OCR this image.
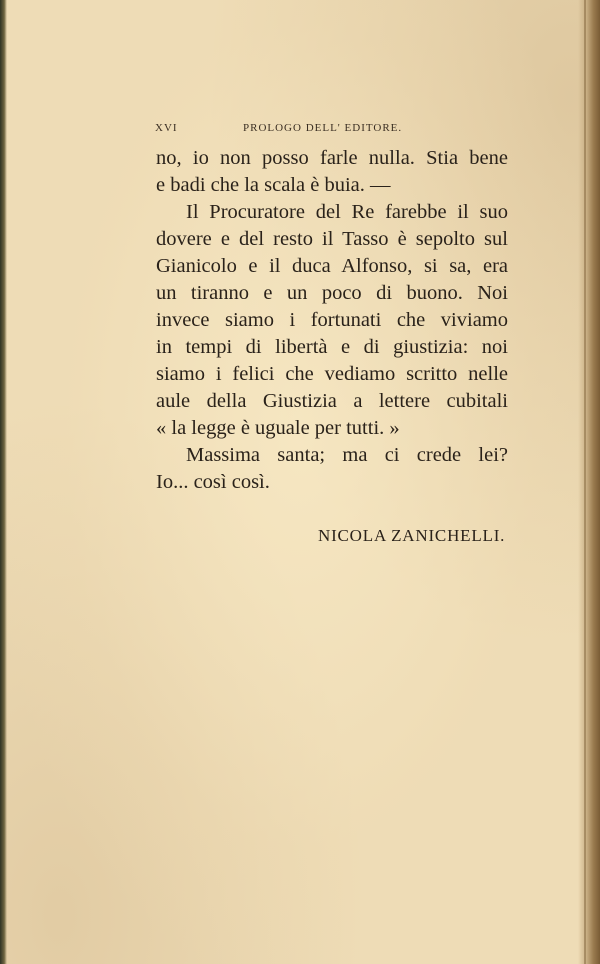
XVI	PROLOGO DELL' EDITORE.
no, io non posso farle nulla. Stia bene
e badi che la scala è buia. —
Il Procuratore del Re farebbe il suo
dovere e del resto il Tasso è sepolto sul
Gianicolo e il duca Alfonso, si sa, era
un tiranno e un poco di buono. Noi
invece siamo i fortunati che viviamo
in tempi di libertà e di giustizia: noi
siamo i felici che vediamo scritto nelle
aule della Giustizia a lettere cubitali
« la legge è uguale per tutti. »
Massima santa; ma ci crede lei?
Io... così così.
NICOLA ZANICHELLI.
